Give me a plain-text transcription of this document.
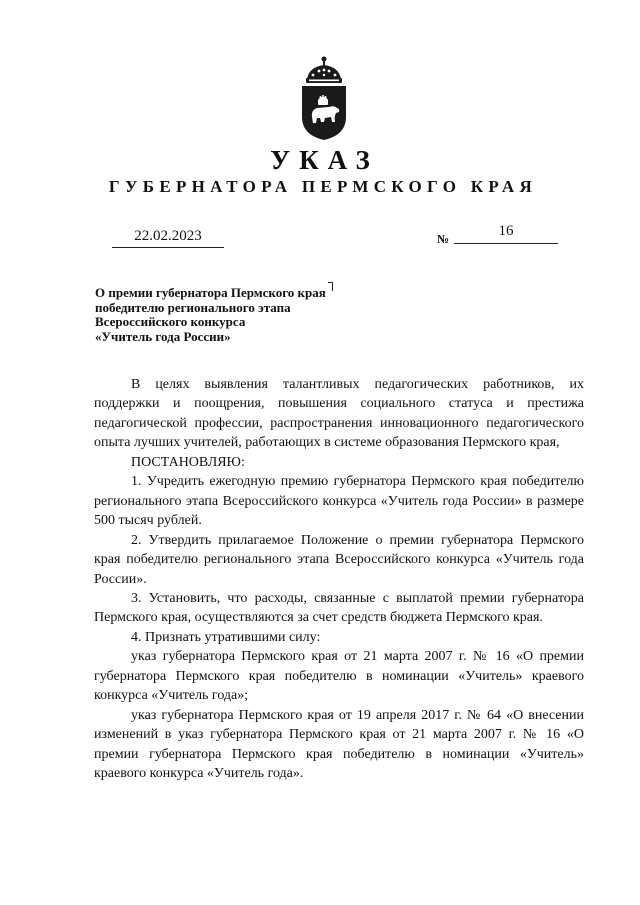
УКАЗ
ГУБЕРНАТОРА ПЕРМСКОГО КРАЯ
22.02.2023	№	16
О премии губернатора Пермского края
победителю регионального этапа
Всероссийского конкурса
«Учитель года России»

В целях выявления талантливых педагогических работников, их поддержки и поощрения, повышения социального статуса и престижа педагогической профессии, распространения инновационного педагогического опыта лучших учителей, работающих в системе образования Пермского края,

ПОСТАНОВЛЯЮ:

1. Учредить ежегодную премию губернатора Пермского края победителю регионального этапа Всероссийского конкурса «Учитель года России» в размере 500 тысяч рублей.

2. Утвердить прилагаемое Положение о премии губернатора Пермского края победителю регионального этапа Всероссийского конкурса «Учитель года России».

3. Установить, что расходы, связанные с выплатой премии губернатора Пермского края, осуществляются за счет средств бюджета Пермского края.

4. Признать утратившими силу:

указ губернатора Пермского края от 21 марта 2007 г. № 16 «О премии губернатора Пермского края победителю в номинации «Учитель» краевого конкурса «Учитель года»;

указ губернатора Пермского края от 19 апреля 2017 г. № 64 «О внесении изменений в указ губернатора Пермского края от 21 марта 2007 г. № 16 «О премии губернатора Пермского края победителю в номинации «Учитель» краевого конкурса «Учитель года».
